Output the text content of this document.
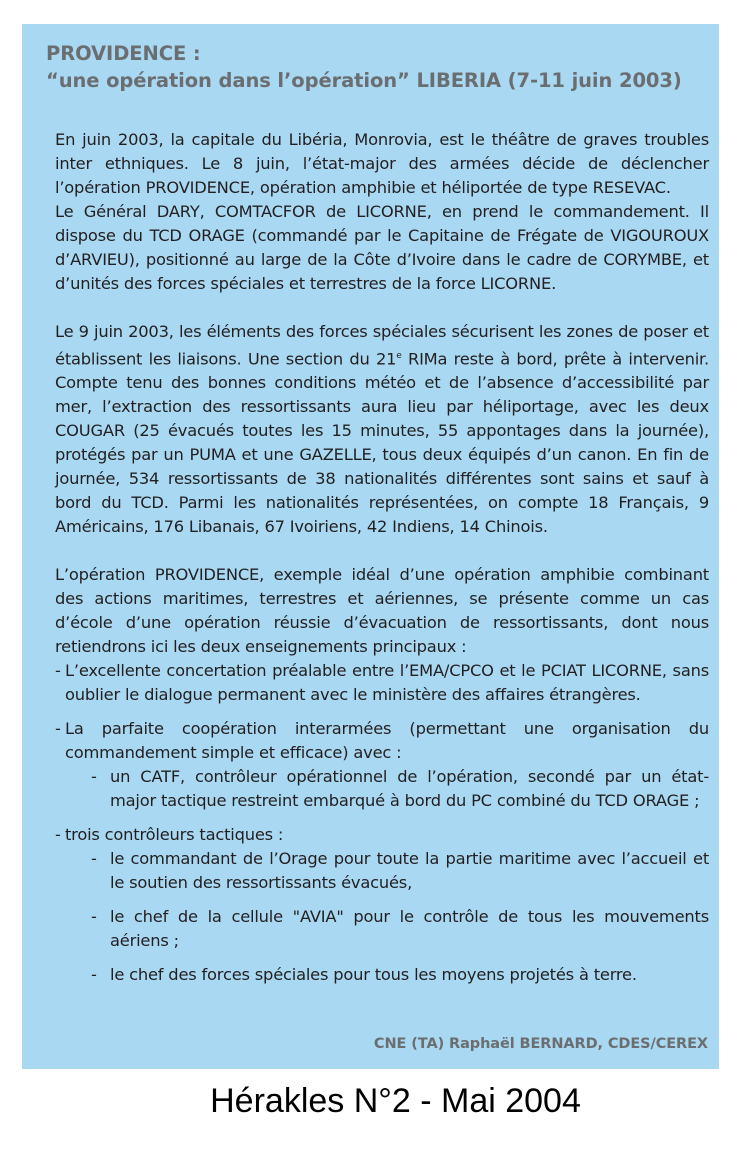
PROVIDENCE :
“une opération dans l’opération” LIBERIA (7-11 juin 2003)

En juin 2003, la capitale du Libéria, Monrovia, est le théâtre de graves troubles inter ethniques. Le 8 juin, l’état-major des armées décide de déclencher l’opération PROVIDENCE, opération amphibie et héliportée de type RESEVAC.

Le Général DARY, COMTACFOR de LICORNE, en prend le commandement. Il dispose du TCD ORAGE (commandé par le Capitaine de Frégate de VIGOUROUX d’ARVIEU), positionné au large de la Côte d’Ivoire dans le cadre de CORYMBE, et d’unités des forces spéciales et terrestres de la force LICORNE.

Le 9 juin 2003, les éléments des forces spéciales sécurisent les zones de poser et établissent les liaisons. Une section du 21e RIMa reste à bord, prête à intervenir. Compte tenu des bonnes conditions météo et de l’absence d’accessibilité par mer, l’extraction des ressortissants aura lieu par héliportage, avec les deux COUGAR (25 évacués toutes les 15 minutes, 55 appontages dans la journée), protégés par un PUMA et une GAZELLE, tous deux équipés d’un canon. En fin de journée, 534 ressortissants de 38 nationalités différentes sont sains et sauf à bord du TCD. Parmi les nationalités représentées, on compte 18 Français, 9 Américains, 176 Libanais, 67 Ivoiriens, 42 Indiens, 14 Chinois.

L’opération PROVIDENCE, exemple idéal d’une opération amphibie combinant des actions maritimes, terrestres et aériennes, se présente comme un cas d’école d’une opération réussie d’évacuation de ressortissants, dont nous retiendrons ici les deux enseignements principaux :

- L’excellente concertation préalable entre l’EMA/CPCO et le PCIAT LICORNE, sans oublier le dialogue permanent avec le ministère des affaires étrangères.
- La parfaite coopération interarmées (permettant une organisation du commandement simple et efficace) avec :
- un CATF, contrôleur opérationnel de l’opération, secondé par un état-major tactique restreint embarqué à bord du PC combiné du TCD ORAGE ;
- trois contrôleurs tactiques :
- le commandant de l’Orage pour toute la partie maritime avec l’accueil et le soutien des ressortissants évacués,
- le chef de la cellule "AVIA" pour le contrôle de tous les mouvements aériens ;
- le chef des forces spéciales pour tous les moyens projetés à terre.
CNE (TA) Raphaël BERNARD, CDES/CEREX
Hérakles N°2 - Mai 2004
